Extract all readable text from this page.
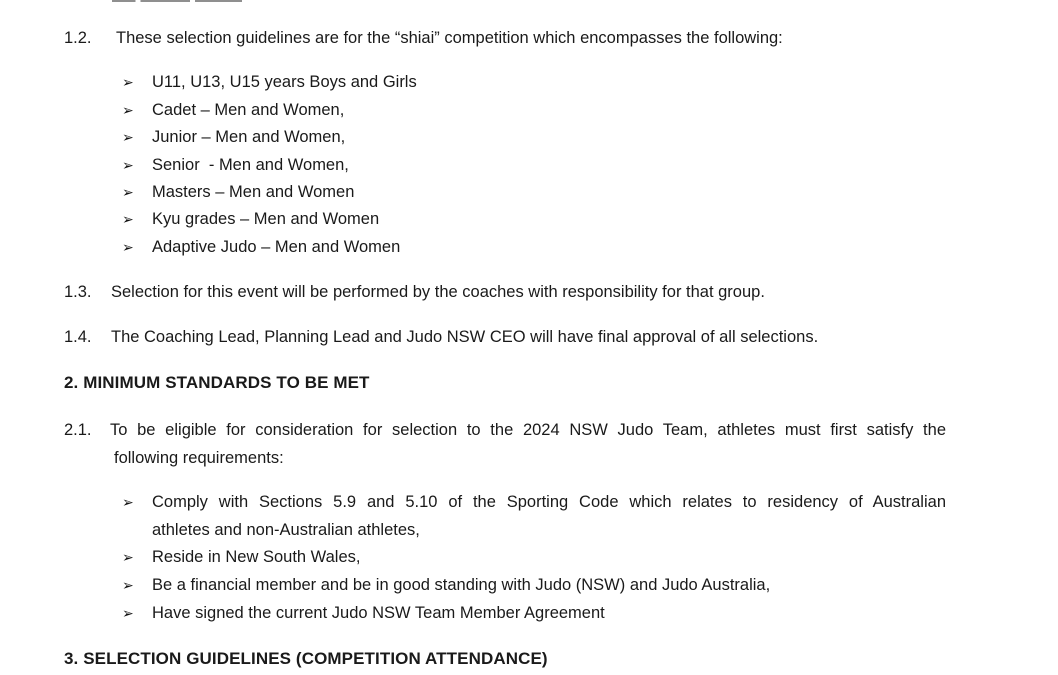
1.2. These selection guidelines are for the “shiai” competition which encompasses the following:
➢ U11, U13, U15 years Boys and Girls
➢ Cadet – Men and Women,
➢ Junior – Men and Women,
➢ Senior  - Men and Women,
➢ Masters – Men and Women
➢ Kyu grades – Men and Women
➢ Adaptive Judo – Men and Women
1.3. Selection for this event will be performed by the coaches with responsibility for that group.
1.4. The Coaching Lead, Planning Lead and Judo NSW CEO will have final approval of all selections.
2. MINIMUM STANDARDS TO BE MET
2.1. To be eligible for consideration for selection to the 2024 NSW Judo Team, athletes must first satisfy the
following requirements:
➢ Comply with Sections 5.9 and 5.10 of the Sporting Code which relates to residency of Australian
athletes and non-Australian athletes,
➢ Reside in New South Wales,
➢ Be a financial member and be in good standing with Judo (NSW) and Judo Australia,
➢ Have signed the current Judo NSW Team Member Agreement
3. SELECTION GUIDELINES (COMPETITION ATTENDANCE)
